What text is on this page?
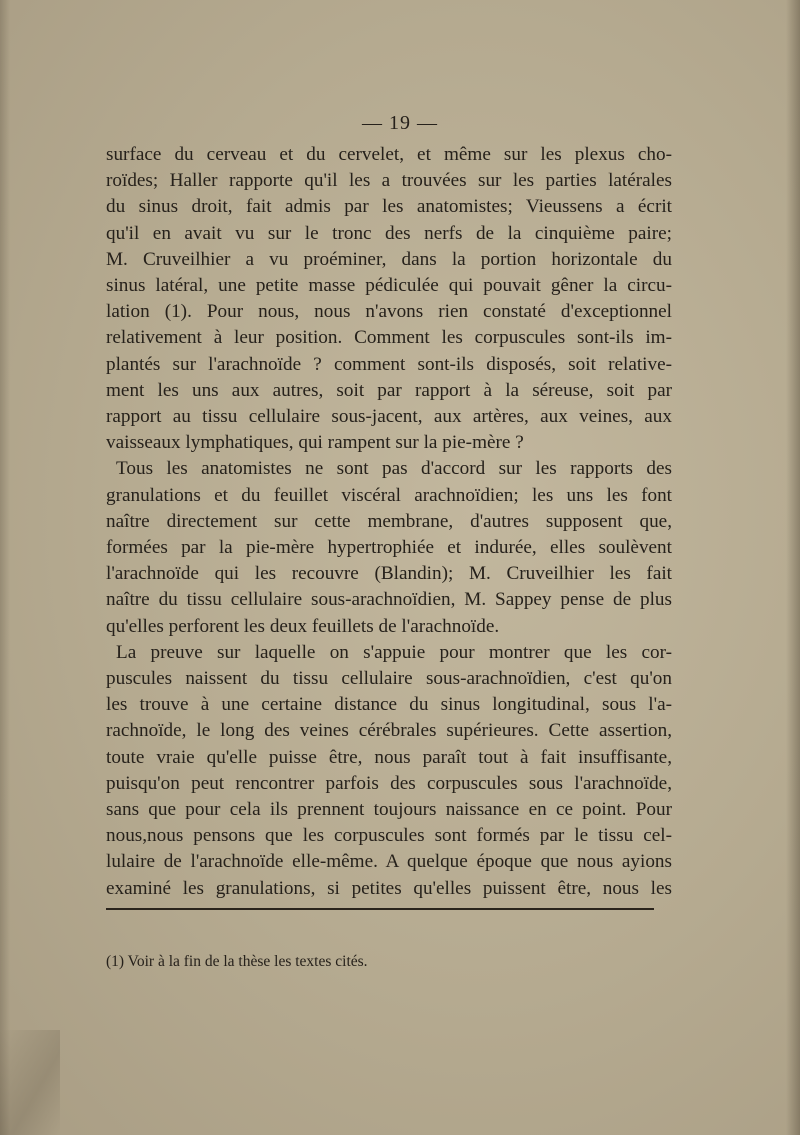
— 19 —
surface du cerveau et du cervelet, et même sur les plexus cho-
roïdes; Haller rapporte qu'il les a trouvées sur les parties latérales
du sinus droit, fait admis par les anatomistes; Vieussens a écrit
qu'il en avait vu sur le tronc des nerfs de la cinquième paire;
M. Cruveilhier a vu proéminer, dans la portion horizontale du
sinus latéral, une petite masse pédiculée qui pouvait gêner la circu-
lation (1). Pour nous, nous n'avons rien constaté d'exceptionnel
relativement à leur position. Comment les corpuscules sont-ils im-
plantés sur l'arachnoïde ? comment sont-ils disposés, soit relative-
ment les uns aux autres, soit par rapport à la séreuse, soit par
rapport au tissu cellulaire sous-jacent, aux artères, aux veines, aux
vaisseaux lymphatiques, qui rampent sur la pie-mère ?
Tous les anatomistes ne sont pas d'accord sur les rapports des
granulations et du feuillet viscéral arachnoïdien; les uns les font
naître directement sur cette membrane, d'autres supposent que,
formées par la pie-mère hypertrophiée et indurée, elles soulèvent
l'arachnoïde qui les recouvre (Blandin); M. Cruveilhier les fait
naître du tissu cellulaire sous-arachnoïdien, M. Sappey pense de plus
qu'elles perforent les deux feuillets de l'arachnoïde.
La preuve sur laquelle on s'appuie pour montrer que les cor-
puscules naissent du tissu cellulaire sous-arachnoïdien, c'est qu'on
les trouve à une certaine distance du sinus longitudinal, sous l'a-
rachnoïde, le long des veines cérébrales supérieures. Cette assertion,
toute vraie qu'elle puisse être, nous paraît tout à fait insuffisante,
puisqu'on peut rencontrer parfois des corpuscules sous l'arachnoïde,
sans que pour cela ils prennent toujours naissance en ce point. Pour
nous,nous pensons que les corpuscules sont formés par le tissu cel-
lulaire de l'arachnoïde elle-même. A quelque époque que nous ayions
examiné les granulations, si petites qu'elles puissent être, nous les
(1) Voir à la fin de la thèse les textes cités.
